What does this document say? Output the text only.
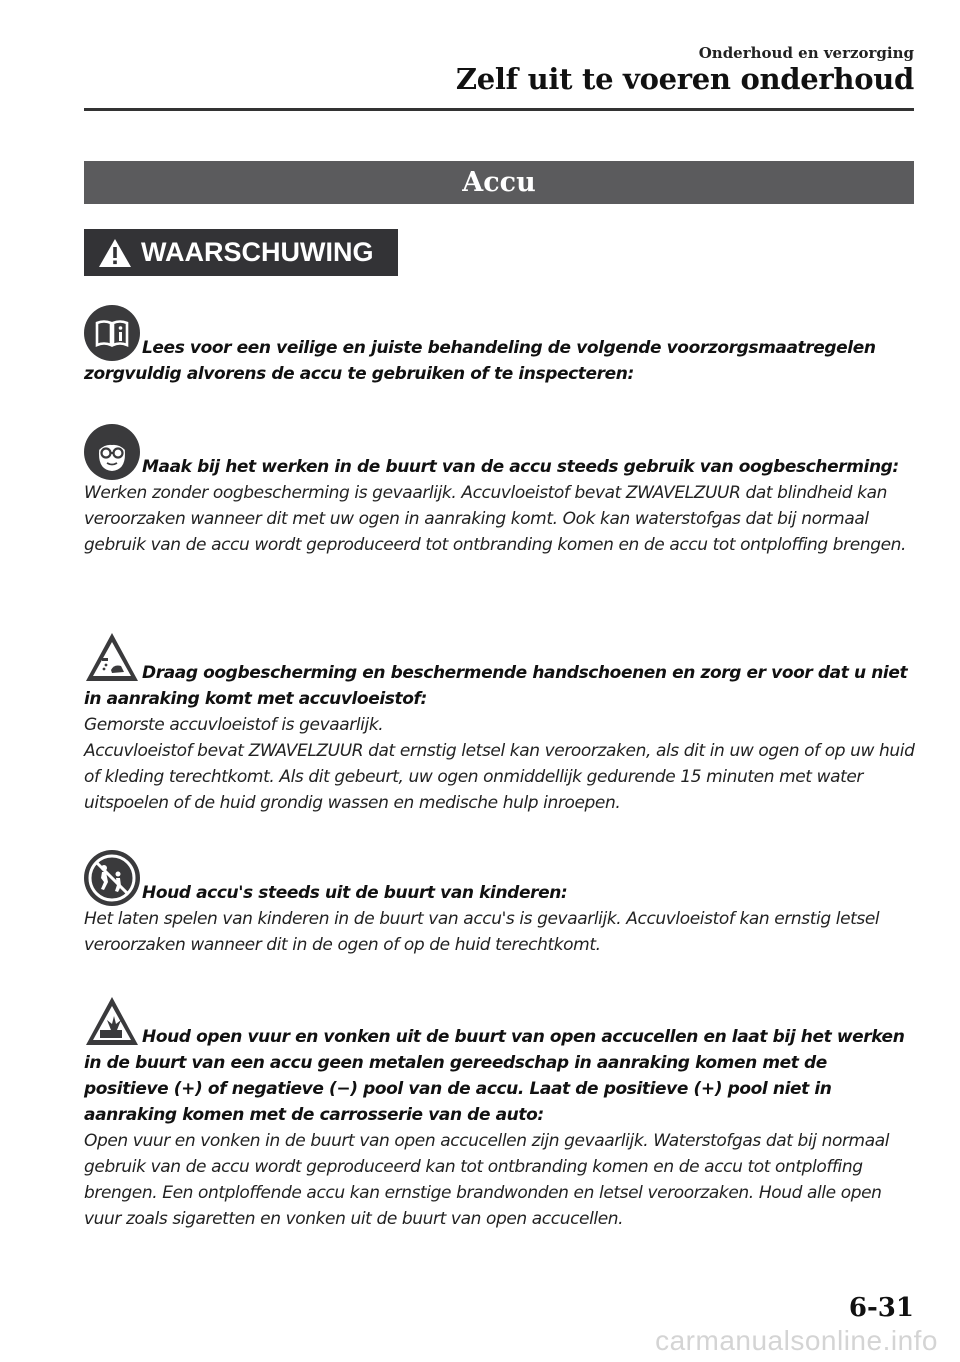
Onderhoud en verzorging
Zelf uit te voeren onderhoud
Accu
WAARSCHUWING
Lees voor een veilige en juiste behandeling de volgende voorzorgsmaatregelen zorgvuldig alvorens de accu te gebruiken of te inspecteren:
Maak bij het werken in de buurt van de accu steeds gebruik van oogbescherming:

Werken zonder oogbescherming is gevaarlijk. Accuvloeistof bevat ZWAVELZUUR dat blindheid kan veroorzaken wanneer dit met uw ogen in aanraking komt. Ook kan waterstofgas dat bij normaal gebruik van de accu wordt geproduceerd tot ontbranding komen en de accu tot ontploffing brengen.

Draag oogbescherming en beschermende handschoenen en zorg er voor dat u niet in aanraking komt met accuvloeistof:

Gemorste accuvloeistof is gevaarlijk.

Accuvloeistof bevat ZWAVELZUUR dat ernstig letsel kan veroorzaken, als dit in uw ogen of op uw huid of kleding terechtkomt. Als dit gebeurt, uw ogen onmiddellijk gedurende 15 minuten met water uitspoelen of de huid grondig wassen en medische hulp inroepen.

Houd accu's steeds uit de buurt van kinderen:

Het laten spelen van kinderen in de buurt van accu's is gevaarlijk. Accuvloeistof kan ernstig letsel veroorzaken wanneer dit in de ogen of op de huid terechtkomt.

Houd open vuur en vonken uit de buurt van open accucellen en laat bij het werken in de buurt van een accu geen metalen gereedschap in aanraking komen met de positieve (+) of negatieve (−) pool van de accu. Laat de positieve (+) pool niet in aanraking komen met de carrosserie van de auto:

Open vuur en vonken in de buurt van open accucellen zijn gevaarlijk. Waterstofgas dat bij normaal gebruik van de accu wordt geproduceerd kan tot ontbranding komen en de accu tot ontploffing brengen. Een ontploffende accu kan ernstige brandwonden en letsel veroorzaken. Houd alle open vuur zoals sigaretten en vonken uit de buurt van open accucellen.

6-31
carmanualsonline.info
